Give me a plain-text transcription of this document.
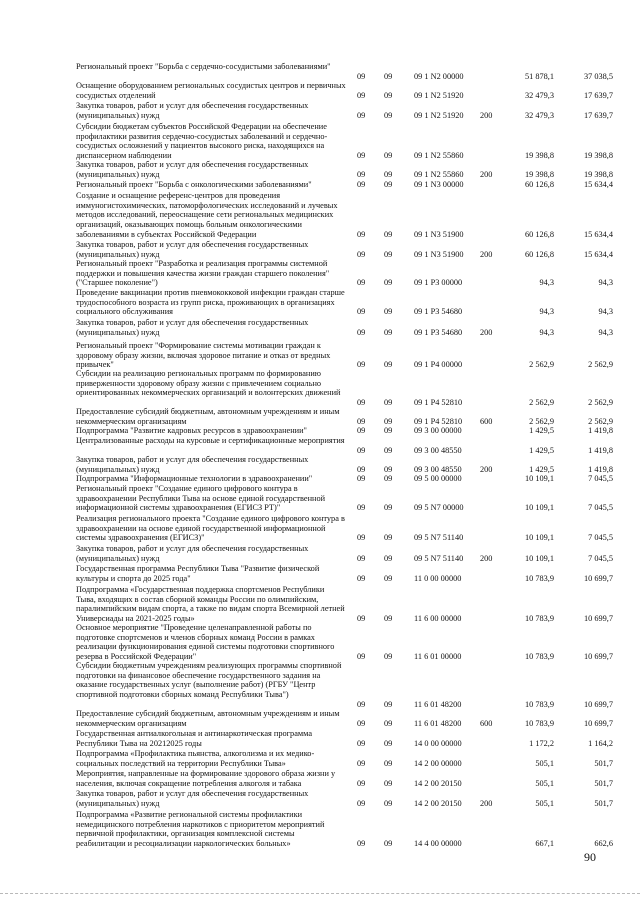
Региональный проект "Борьба с сердечно-сосудистыми заболеваниями"
09 09	09 1 N2 00000	51 878,1	37 038,5
Оснащение оборудованием региональных сосудистых центров и первичных сосудистых отделений	09 09	09 1 N2 51920	32 479,3	17 639,7
Закупка товаров, работ и услуг для обеспечения государственных (муниципальных) нужд	09 09	09 1 N2 51920 200	32 479,3	17 639,7
Субсидии бюджетам субъектов Российской Федерации на обеспечение профилактики развития сердечно-сосудистых заболеваний и сердечно-сосудистых осложнений у пациентов высокого риска, находящихся на диспансерном наблюдении	09 09	09 1 N2 55860	19 398,8	19 398,8
Закупка товаров, работ и услуг для обеспечения государственных (муниципальных) нужд	09 09	09 1 N2 55860 200	19 398,8	19 398,8
Региональный проект "Борьба с онкологическими заболеваниями"	09 09	09 1 N3 00000	60 126,8	15 634,4
Создание и оснащение референс-центров для проведения иммуногистохимических, патоморфологических исследований и лучевых методов исследований, переоснащение сети региональных медицинских организаций, оказывающих помощь больным онкологическими заболеваниями в субъектах Российской Федерации	09 09	09 1 N3 51900	60 126,8	15 634,4
Закупка товаров, работ и услуг для обеспечения государственных (муниципальных) нужд	09 09	09 1 N3 51900 200	60 126,8	15 634,4
Региональный проект "Разработка и реализация программы системной поддержки и повышения качества жизни граждан старшего поколения" ("Старшее поколение")	09 09	09 1 P3 00000	94,3	94,3
Проведение вакцинации против пневмококковой инфекции граждан старше трудоспособного возраста из групп риска, проживающих в организациях социального обслуживания	09 09	09 1 P3 54680	94,3	94,3
Закупка товаров, работ и услуг для обеспечения государственных (муниципальных) нужд	09 09	09 1 P3 54680 200	94,3	94,3
Региональный проект "Формирование системы мотивации граждан к здоровому образу жизни, включая здоровое питание и отказ от вредных привычек"	09 09	09 1 P4 00000	2 562,9	2 562,9
Субсидии на реализацию региональных программ по формированию приверженности здоровому образу жизни с привлечением социально ориентированных некоммерческих организаций и волонтерских движений
09 09	09 1 P4 52810	2 562,9	2 562,9
Предоставление субсидий бюджетным, автономным учреждениям и иным некоммерческим организациям	09 09	09 1 P4 52810 600	2 562,9	2 562,9
Подпрограмма "Развитие кадровых ресурсов в здравоохранении"	09 09	09 3 00 00000	1 429,5	1 419,8
Централизованные расходы на курсовые и сертификационные мероприятия
09 09	09 3 00 48550	1 429,5	1 419,8
Закупка товаров, работ и услуг для обеспечения государственных (муниципальных) нужд	09 09	09 3 00 48550 200	1 429,5	1 419,8
Подпрограмма "Информационные технологии в здравоохранении"	09 09	09 5 00 00000	10 109,1	7 045,5
Региональный проект "Создание единого цифрового контура в здравоохранении Республики Тыва на основе единой государственной информационной системы здравоохранения (ЕГИСЗ РТ)"	09 09	09 5 N7 00000	10 109,1	7 045,5
Реализация регионального проекта "Создание единого цифрового контура в здравоохранении на основе единой государственной информационной системы здравоохранения (ЕГИСЗ)"	09 09	09 5 N7 51140	10 109,1	7 045,5
Закупка товаров, работ и услуг для обеспечения государственных (муниципальных) нужд	09 09	09 5 N7 51140 200	10 109,1	7 045,5
Государственная программа Республики Тыва "Развитие физической культуры и спорта до 2025 года"	09 09	11 0 00 00000	10 783,9	10 699,7
Подпрограмма «Государственная поддержка спортсменов Республики Тыва, входящих в состав сборной команды России по олимпийским, паралимпийским видам спорта, а также по видам спорта Всемирной летней Универсиады на 2021-2025 годы»	09 09	11 6 00 00000	10 783,9	10 699,7
Основное мероприятие "Проведение целенаправленной работы по подготовке спортсменов и членов сборных команд России в рамках реализации функционирования единой системы подготовки спортивного резерва в Российской Федерации"	09 09	11 6 01 00000	10 783,9	10 699,7
Субсидии бюджетным учреждениям реализующих программы спортивной подготовки на финансовое обеспечение государственного задания на оказание государственных услуг (выполнение работ) (РГБУ "Центр спортивной подготовки сборных команд Республики Тыва")
09 09	11 6 01 48200	10 783,9	10 699,7
Предоставление субсидий бюджетным, автономным учреждениям и иным некоммерческим организациям	09 09	11 6 01 48200 600	10 783,9	10 699,7
Государственная антиалкогольная и антинаркотическая программа Республики Тыва на 20212025 годы	09 09	14 0 00 00000	1 172,2	1 164,2
Подпрограмма «Профилактика пьянства, алкоголизма и их медико-социальных последствий на территории Республики Тыва»	09 09	14 2 00 00000	505,1	501,7
Мероприятия, направленные на формирование здорового образа жизни у населения, включая сокращение потребления алкоголя и табака	09 09	14 2 00 20150	505,1	501,7
Закупка товаров, работ и услуг для обеспечения государственных (муниципальных) нужд	09 09	14 2 00 20150 200	505,1	501,7
Подпрограмма «Развитие региональной системы профилактики немедицинского потребления наркотиков с приоритетом мероприятий первичной профилактики, организация комплексной системы реабилитации и ресоциализации наркологических больных»	09 09	14 4 00 00000	667,1	662,6
90
